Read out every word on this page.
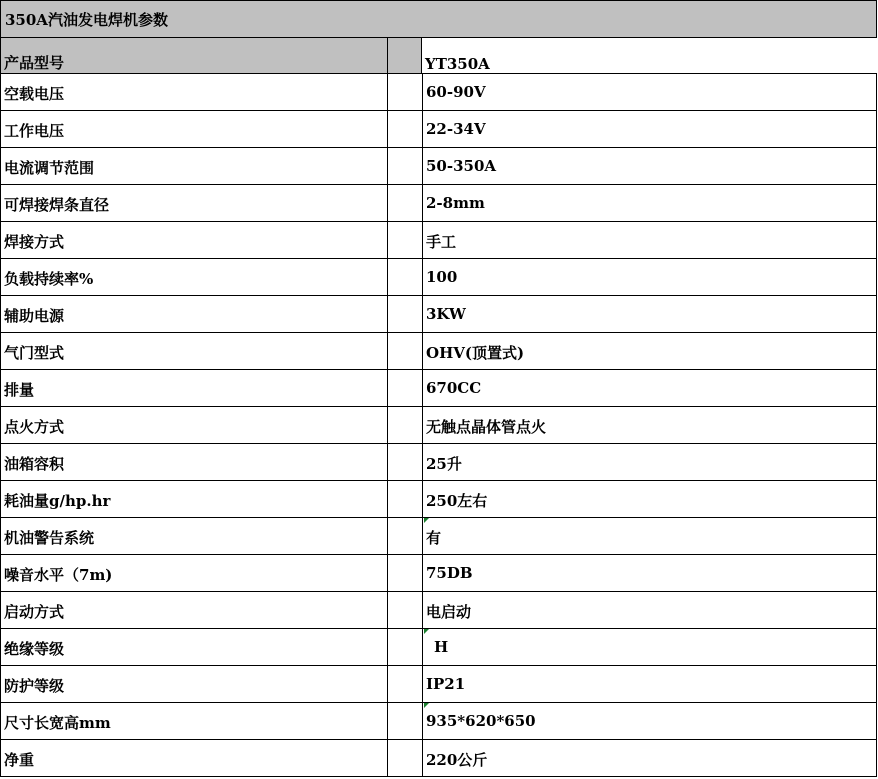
350A汽油发电焊机参数
产品型号	YT350A
空载电压	60-90V
工作电压	22-34V
电流调节范围	50-350A
可焊接焊条直径	2-8mm
焊接方式	手工
负载持续率%	100
辅助电源	3KW
气门型式	OHV(顶置式)
排量	670CC
点火方式	无触点晶体管点火
油箱容积	25升
耗油量g/hp.hr	250左右
机油警告系统	有
噪音水平（7m)	75DB
启动方式	电启动
绝缘等级	H
防护等级	IP21
尺寸长宽高mm	935*620*650
净重	220公斤
